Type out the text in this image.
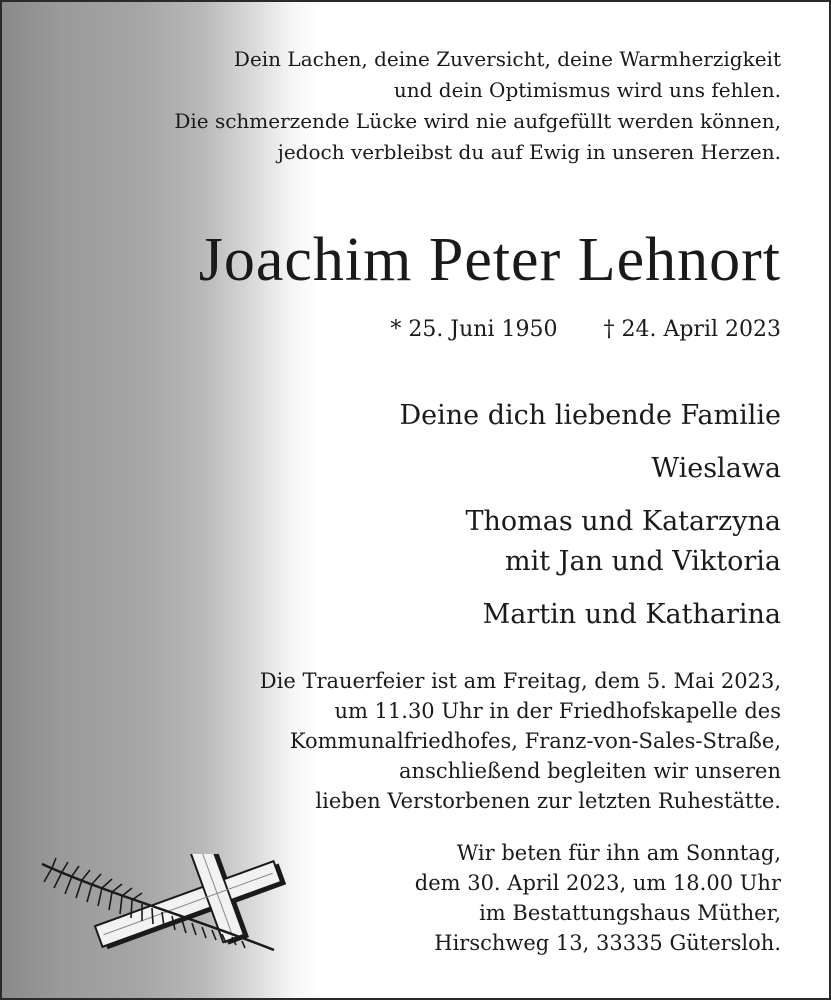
Dein Lachen, deine Zuversicht, deine Warmherzigkeit
und dein Optimismus wird uns fehlen.
Die schmerzende Lücke wird nie aufgefüllt werden können,
jedoch verbleibst du auf Ewig in unseren Herzen.
Joachim Peter Lehnort
* 25. Juni 1950 † 24. April 2023
Deine dich liebende Familie
Wieslawa
Thomas und Katarzyna
mit Jan und Viktoria
Martin und Katharina
Die Trauerfeier ist am Freitag, dem 5. Mai 2023,
um 11.30 Uhr in der Friedhofskapelle des
Kommunalfriedhofes, Franz-von-Sales-Straße,
anschließend begleiten wir unseren
lieben Verstorbenen zur letzten Ruhestätte.
Wir beten für ihn am Sonntag,
dem 30. April 2023, um 18.00 Uhr
im Bestattungshaus Müther,
Hirschweg 13, 33335 Gütersloh.
